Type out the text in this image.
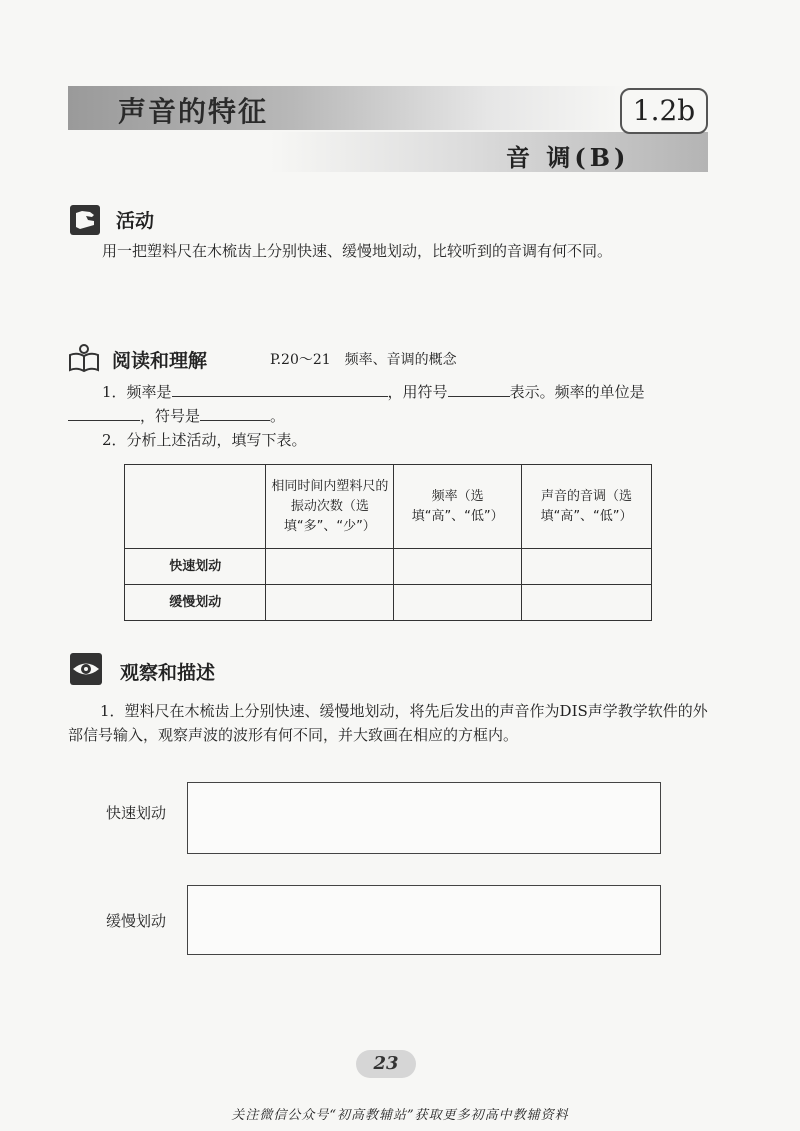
声音的特征
音 调(B)
1.2b
活动
用一把塑料尺在木梳齿上分别快速、缓慢地划动，比较听到的音调有何不同。
阅读和理解	P.20～21　频率、音调的概念
1．频率是	，用符号	表示。频率的单位是
，符号是	。
2．分析上述活动，填写下表。
	相同时间内塑料尺的振动次数（选填“多”、“少”）	频率（选填“高”、“低”）	声音的音调（选填“高”、“低”）
快速划动			
缓慢划动			
观察和描述
1．塑料尺在木梳齿上分别快速、缓慢地划动，将先后发出的声音作为DIS声学教学软件的外部信号输入，观察声波的波形有何不同，并大致画在相应的方框内。
快速划动
缓慢划动
23
关注微信公众号“初高教辅站”获取更多初高中教辅资料
